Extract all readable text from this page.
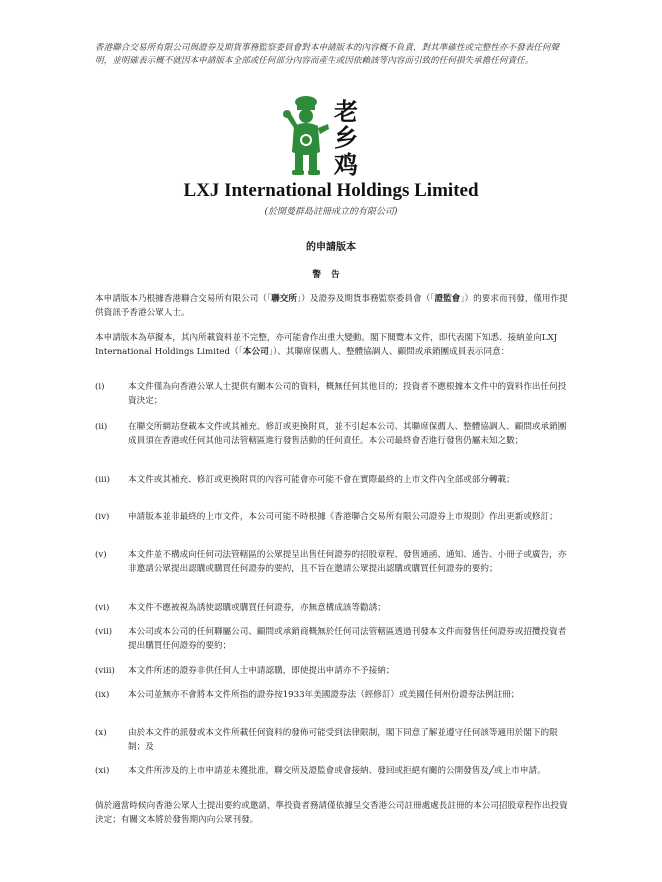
香港聯合交易所有限公司與證券及期貨事務監察委員會對本申請版本的內容概不負責，對其準確性或完整性亦不發表任何聲明，並明確表示概不就因本申請版本全部或任何部分內容而產生或因依賴該等內容而引致的任何損失承擔任何責任。
老
乡
鸡
LXJ International Holdings Limited
(於開曼群島註冊成立的有限公司)
的申請版本
警告
本申請版本乃根據香港聯合交易所有限公司（「聯交所」）及證券及期貨事務監察委員會（「證監會」）的要求而刊發，僅用作提供資訊予香港公眾人士。
本申請版本為草擬本，其內所載資料並不完整，亦可能會作出重大變動。閣下閱覽本文件，即代表閣下知悉、接納並向LXJ International Holdings Limited（「本公司」）、其聯席保薦人、整體協調人、顧問或承銷團成員表示同意：
(i)	本文件僅為向香港公眾人士提供有關本公司的資料，概無任何其他目的；投資者不應根據本文件中的資料作出任何投資決定；
(ii)	在聯交所網站登載本文件或其補充、修訂或更換附頁，並不引起本公司、其聯席保薦人、整體協調人、顧問或承銷團成員須在香港或任何其他司法管轄區進行發售活動的任何責任。本公司最終會否進行發售仍屬未知之數；
(iii)	本文件或其補充、修訂或更換附頁的內容可能會亦可能不會在實際最終的上市文件內全部或部分轉載；
(iv)	申請版本並非最終的上市文件，本公司可能不時根據《香港聯合交易所有限公司證券上市規則》作出更新或修訂；
(v)	本文件並不構成向任何司法管轄區的公眾提呈出售任何證券的招股章程、發售通函、通知、通告、小冊子或廣告，亦非邀請公眾提出認購或購買任何證券的要約，且不旨在邀請公眾提出認購或購買任何證券的要約；
(vi)	本文件不應被視為誘使認購或購買任何證券，亦無意構成該等勸誘；
(vii)	本公司或本公司的任何聯屬公司、顧問或承銷商概無於任何司法管轄區透過刊發本文件而發售任何證券或招攬投資者提出購買任何證券的要約；
(viii)	本文件所述的證券非供任何人士申請認購，即使提出申請亦不予接納；
(ix)	本公司並無亦不會將本文件所指的證券按1933年美國證券法（經修訂）或美國任何州份證券法例註冊；
(x)	由於本文件的派發或本文件所載任何資料的發佈可能受到法律限制，閣下同意了解並遵守任何該等適用於閣下的限制；及
(xi)	本文件所涉及的上市申請並未獲批准，聯交所及證監會或會接納、發回或拒絕有關的公開發售及╱或上市申請。
倘於適當時候向香港公眾人士提出要約或邀請，準投資者務請僅依據呈交香港公司註冊處處長註冊的本公司招股章程作出投資決定；有關文本將於發售期內向公眾刊發。
